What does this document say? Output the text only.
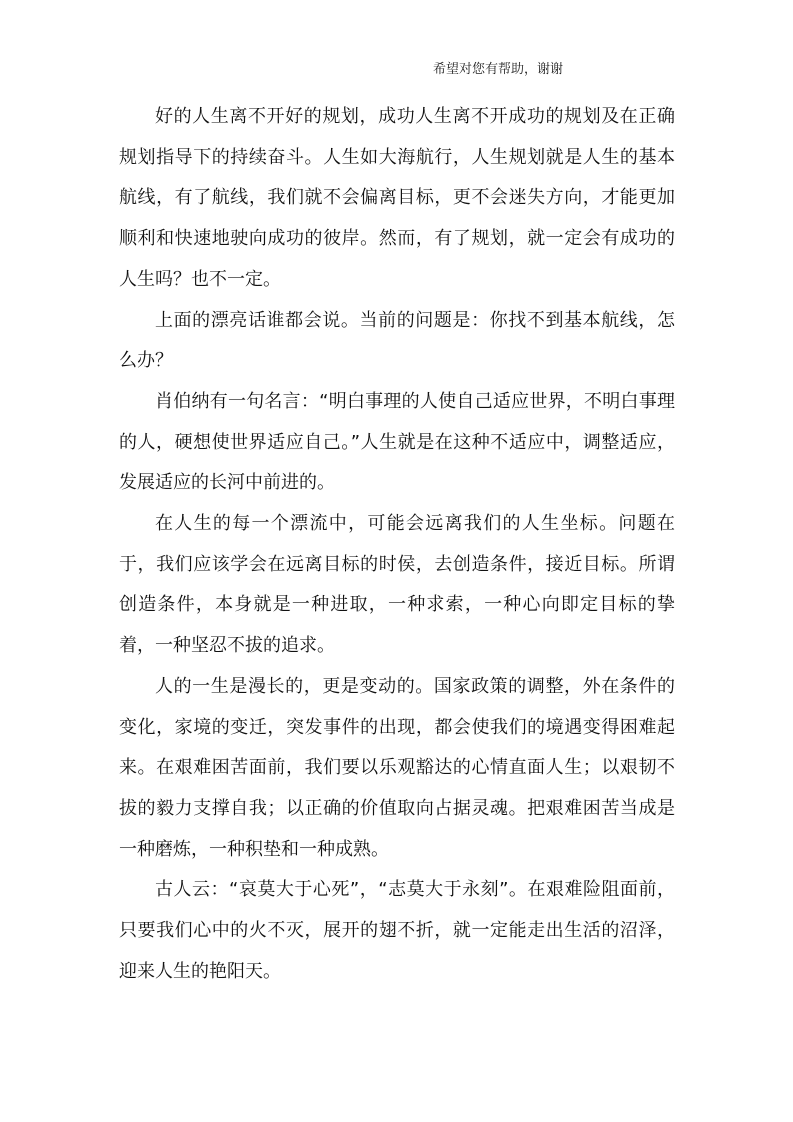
希望对您有帮助，谢谢

好的人生离不开好的规划，成功人生离不开成功的规划及在正确规划指导下的持续奋斗。人生如大海航行，人生规划就是人生的基本航线，有了航线，我们就不会偏离目标，更不会迷失方向，才能更加顺利和快速地驶向成功的彼岸。然而，有了规划，就一定会有成功的人生吗？也不一定。

上面的漂亮话谁都会说。当前的问题是：你找不到基本航线，怎么办？

肖伯纳有一句名言：“明白事理的人使自己适应世界，不明白事理的人，硬想使世界适应自己。”人生就是在这种不适应中，调整适应，发展适应的长河中前进的。

在人生的每一个漂流中，可能会远离我们的人生坐标。问题在于，我们应该学会在远离目标的时侯，去创造条件，接近目标。所谓创造条件，本身就是一种进取，一种求索，一种心向即定目标的挚着，一种坚忍不拔的追求。

人的一生是漫长的，更是变动的。国家政策的调整，外在条件的变化，家境的变迁，突发事件的出现，都会使我们的境遇变得困难起来。在艰难困苦面前，我们要以乐观豁达的心情直面人生；以艰韧不拔的毅力支撑自我；以正确的价值取向占据灵魂。把艰难困苦当成是一种磨炼，一种积垫和一种成熟。

古人云：“哀莫大于心死”，“志莫大于永刻”。在艰难险阻面前，只要我们心中的火不灭，展开的翅不折，就一定能走出生活的沼泽，迎来人生的艳阳天。
